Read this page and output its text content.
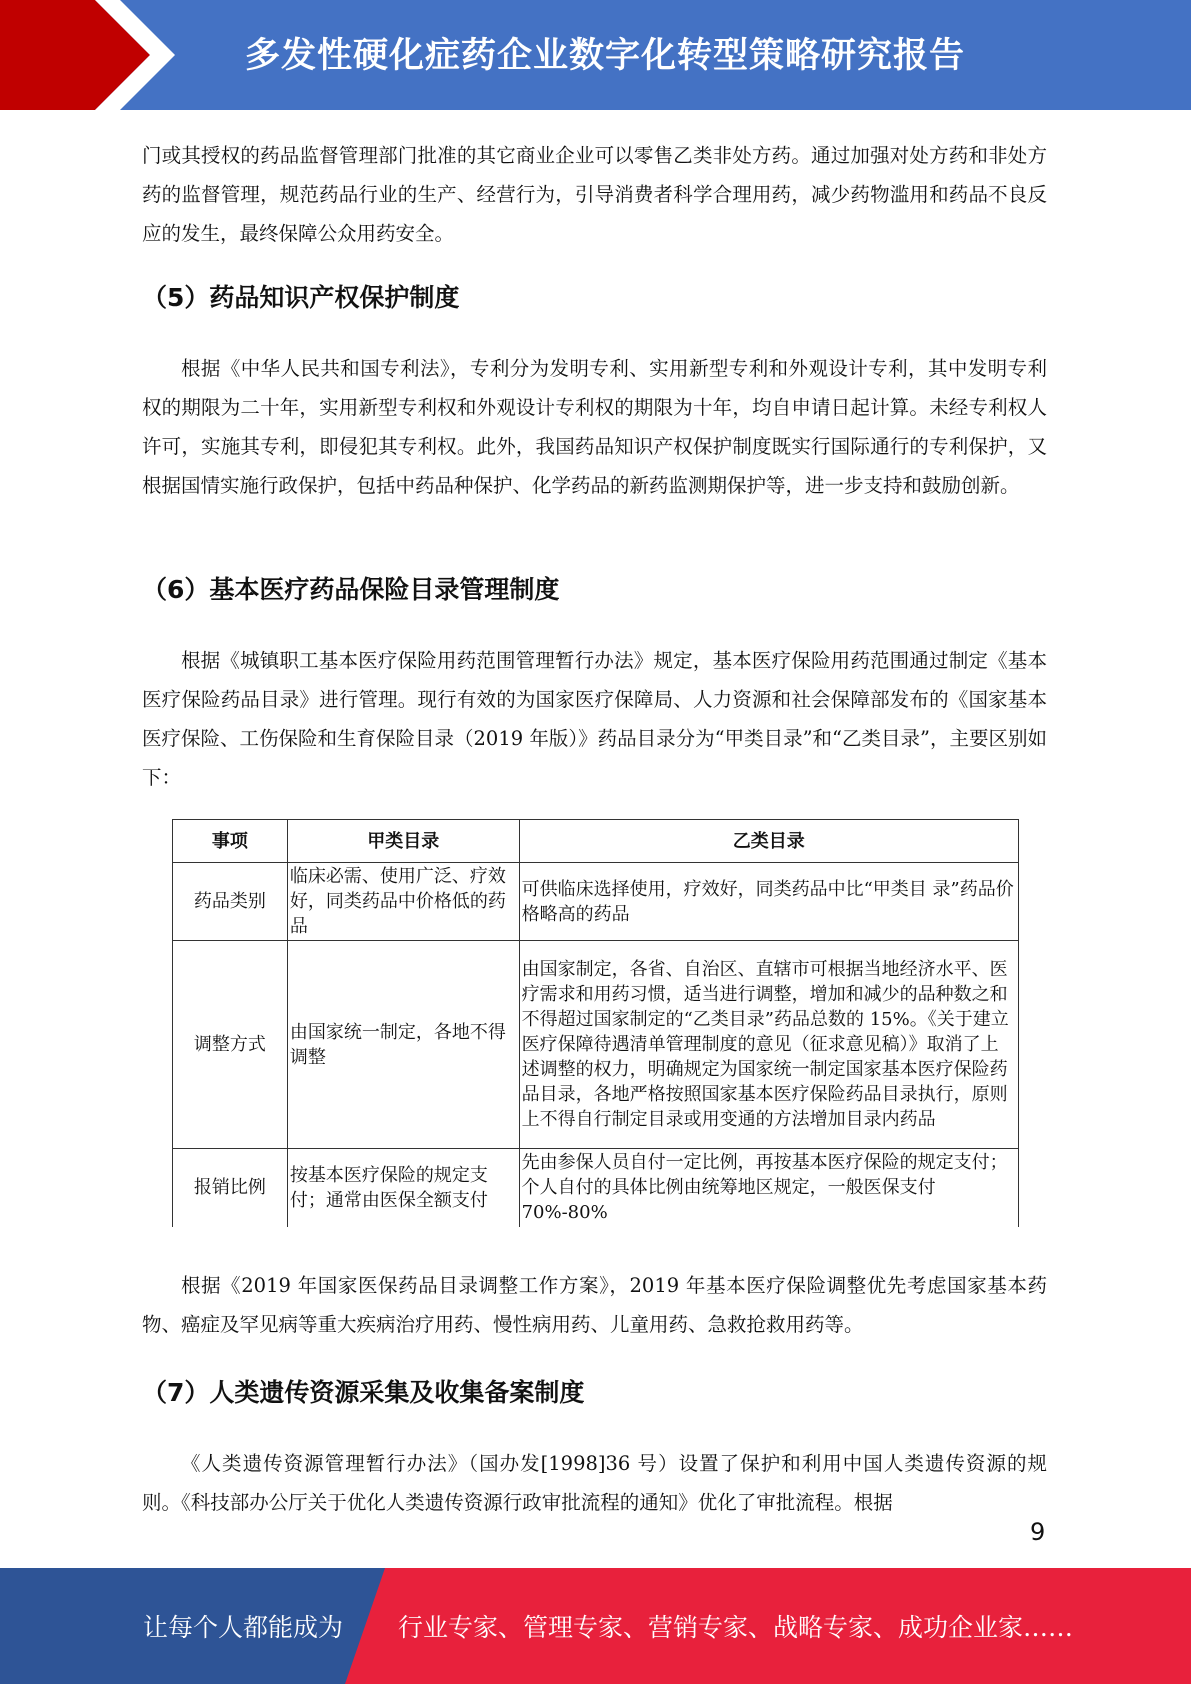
多发性硬化症药企业数字化转型策略研究报告
门或其授权的药品监督管理部门批准的其它商业企业可以零售乙类非处方药。通过加强对处方药和非处方药的监督管理，规范药品行业的生产、经营行为，引导消费者科学合理用药，减少药物滥用和药品不良反应的发生，最终保障公众用药安全。
（5）药品知识产权保护制度
根据《中华人民共和国专利法》，专利分为发明专利、实用新型专利和外观设计专利，其中发明专利权的期限为二十年，实用新型专利权和外观设计专利权的期限为十年，均自申请日起计算。未经专利权人许可，实施其专利，即侵犯其专利权。此外，我国药品知识产权保护制度既实行国际通行的专利保护，又根据国情实施行政保护，包括中药品种保护、化学药品的新药监测期保护等，进一步支持和鼓励创新。
（6）基本医疗药品保险目录管理制度
根据《城镇职工基本医疗保险用药范围管理暂行办法》规定，基本医疗保险用药范围通过制定《基本医疗保险药品目录》进行管理。现行有效的为国家医疗保障局、人力资源和社会保障部发布的《国家基本医疗保险、工伤保险和生育保险目录（2019 年版）》药品目录分为“甲类目录”和“乙类目录”，主要区别如下：
事项	甲类目录	乙类目录
药品类别	临床必需、使用广泛、疗效好，同类药品中价格低的药品	可供临床选择使用，疗效好，同类药品中比“甲类目 录”药品价格略高的药品
调整方式	由国家统一制定，各地不得调整	由国家制定，各省、自治区、直辖市可根据当地经济水平、医疗需求和用药习惯，适当进行调整，增加和减少的品种数之和不得超过国家制定的“乙类目录”药品总数的 15%。《关于建立医疗保障待遇清单管理制度的意见（征求意见稿）》取消了上述调整的权力，明确规定为国家统一制定国家基本医疗保险药品目录，各地严格按照国家基本医疗保险药品目录执行，原则上不得自行制定目录或用变通的方法增加目录内药品
报销比例	按基本医疗保险的规定支付；通常由医保全额支付	先由参保人员自付一定比例，再按基本医疗保险的规定支付；个人自付的具体比例由统筹地区规定，一般医保支付 70%-80%
根据《2019 年国家医保药品目录调整工作方案》，2019 年基本医疗保险调整优先考虑国家基本药物、癌症及罕见病等重大疾病治疗用药、慢性病用药、儿童用药、急救抢救用药等。
（7）人类遗传资源采集及收集备案制度
《人类遗传资源管理暂行办法》（国办发[1998]36 号）设置了保护和利用中国人类遗传资源的规则。《科技部办公厅关于优化人类遗传资源行政审批流程的通知》优化了审批流程。根据
9
让每个人都能成为 行业专家、管理专家、营销专家、战略专家、成功企业家……
